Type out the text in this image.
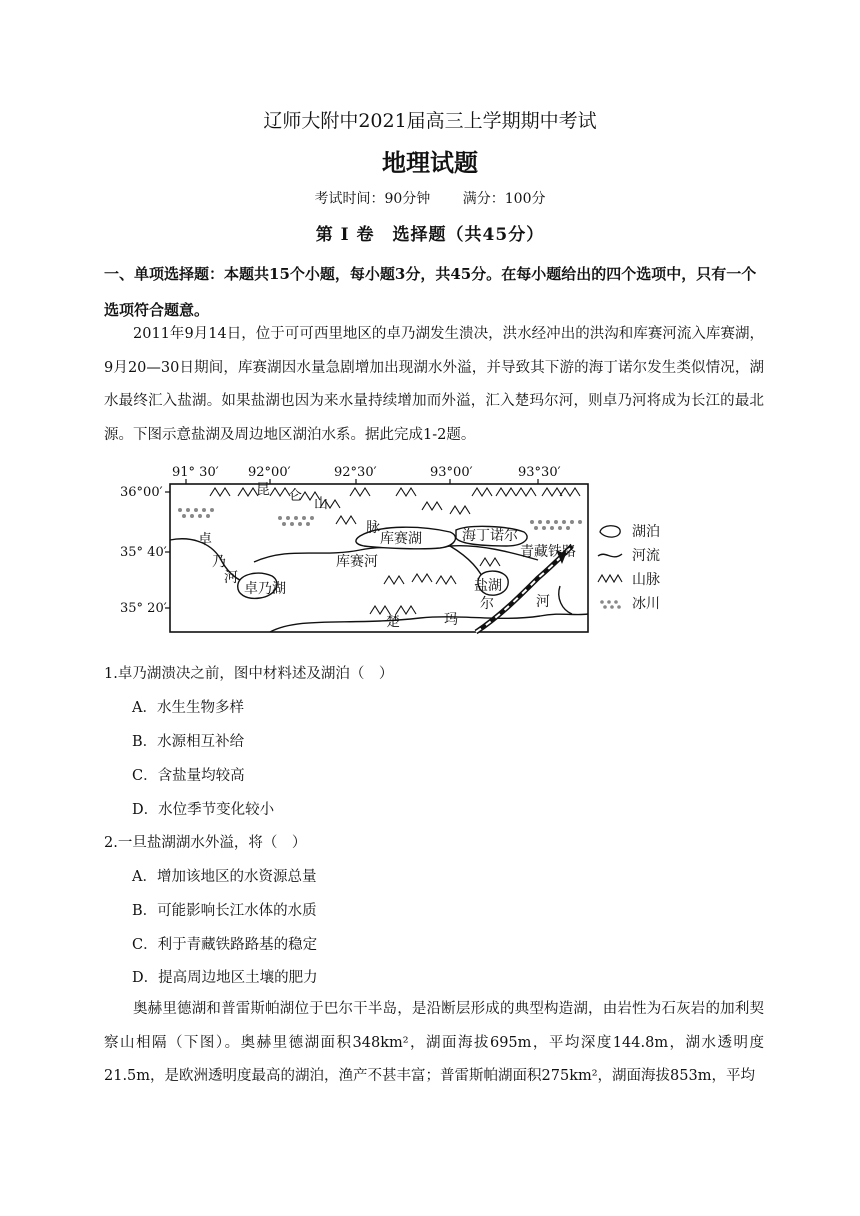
辽师大附中2021届高三上学期期中考试
地理试题
考试时间：90分钟 满分：100分
第 Ⅰ 卷　选择题（共45分）
一、单项选择题：本题共15个小题，每小题3分，共45分。在每小题给出的四个选项中，只有一个选项符合题意。
2011年9月14日，位于可可西里地区的卓乃湖发生溃决，洪水经冲出的洪沟和库赛河流入库赛湖，9月20—30日期间，库赛湖因水量急剧增加出现湖水外溢，并导致其下游的海丁诺尔发生类似情况，湖水最终汇入盐湖。如果盐湖也因为来水量持续增加而外溢，汇入楚玛尔河，则卓乃河将成为长江的最北源。下图示意盐湖及周边地区湖泊水系。据此完成1-2题。
91° 30′ 92°00′	92°30′	93°00′	93°30′
36°00′
35° 40′
35° 20′
昆 仑 山
脉
卓
乃
河
卓乃湖
库赛湖
库赛河
海丁诺尔
青藏铁路
盐湖
楚	玛
尔	河
湖泊
河流
山脉
冰川
1.卓乃湖溃决之前，图中材料述及湖泊（　）
A．水生生物多样
B．水源相互补给
C．含盐量均较高
D．水位季节变化较小
2.一旦盐湖湖水外溢，将（　）
A．增加该地区的水资源总量
B．可能影响长江水体的水质
C．利于青藏铁路路基的稳定
D．提高周边地区土壤的肥力
奥赫里德湖和普雷斯帕湖位于巴尔干半岛，是沿断层形成的典型构造湖，由岩性为石灰岩的加利契察山相隔（下图）。奥赫里德湖面积348km²，湖面海拔695m，平均深度144.8m，湖水透明度21.5m，是欧洲透明度最高的湖泊，渔产不甚丰富；普雷斯帕湖面积275km²，湖面海拔853m，平均
